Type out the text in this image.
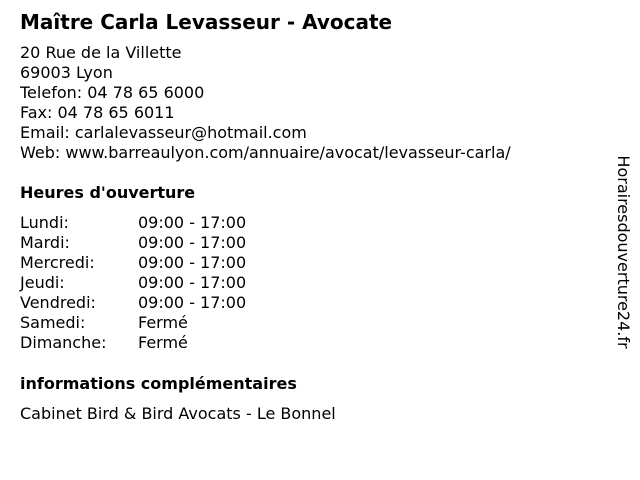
Maître Carla Levasseur - Avocate
20 Rue de la Villette
69003 Lyon
Telefon: 04 78 65 6000
Fax: 04 78 65 6011
Email: carlalevasseur@hotmail.com
Web: www.barreaulyon.com/annuaire/avocat/levasseur-carla/
Heures d'ouverture
Lundi:	09:00 - 17:00
Mardi:	09:00 - 17:00
Mercredi:	09:00 - 17:00
Jeudi:	09:00 - 17:00
Vendredi:	09:00 - 17:00
Samedi:	Fermé
Dimanche: Fermé
informations complémentaires
Cabinet Bird & Bird Avocats - Le Bonnel
Horairesdouverture24.fr
